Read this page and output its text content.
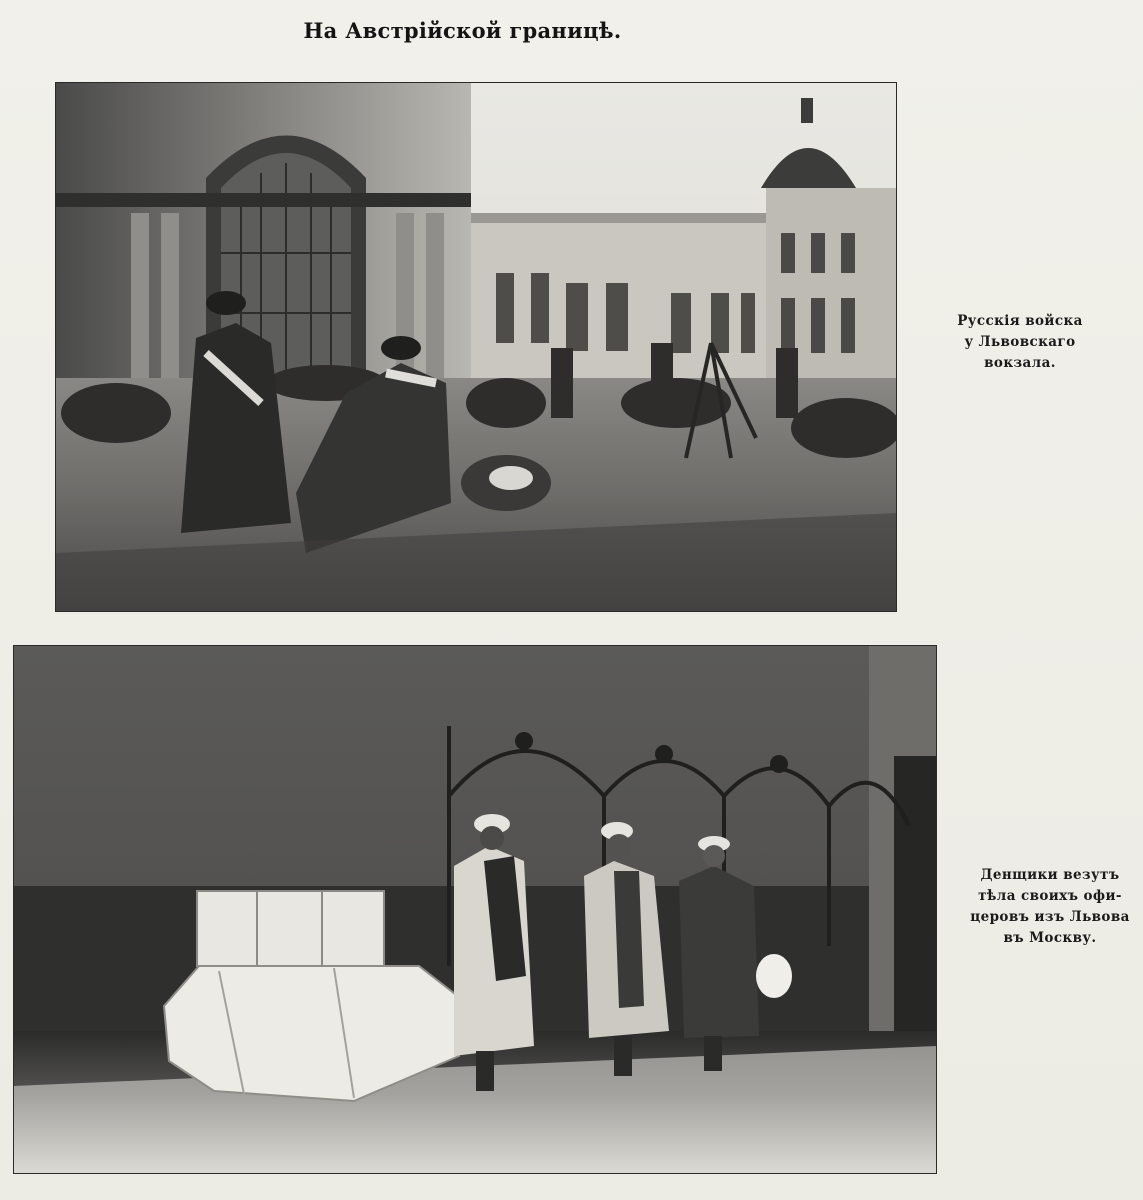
На Австрійской границѣ.
Русскія войска
у Львовскаго
вокзала.
Денщики везутъ
тѣла своихъ офи-
церовъ изъ Львова
въ Москву.
